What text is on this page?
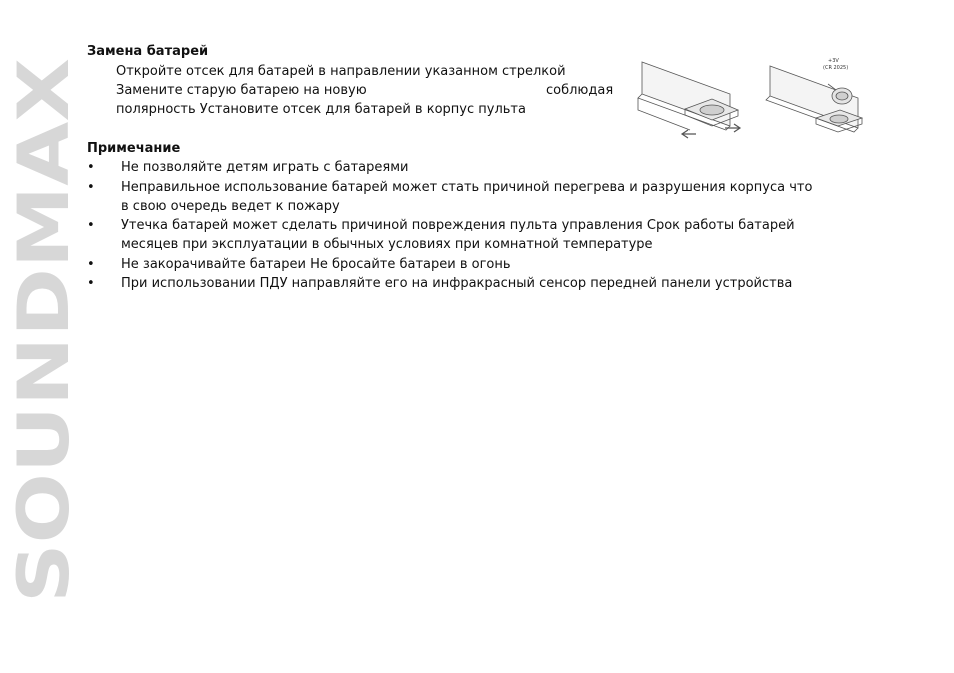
SOUNDMAX
Замена батарей
Откройте отсек для батарей в направлении указанном стрелкой
Замените старую батарею на новую	соблюдая
полярность Установите отсек для батарей в корпус пульта
+3V
(CR 2025)
Примечание
• Не позволяйте детям играть с батареями
• Неправильное использование батарей может стать причиной перегрева и разрушения корпуса что
в свою очередь ведет к пожару
• Утечка батарей может сделать причиной повреждения пульта управления Срок работы батарей
месяцев при эксплуатации в обычных условиях при комнатной температуре
• Не закорачивайте батареи Не бросайте батареи в огонь
• При использовании ПДУ направляйте его на инфракрасный сенсор передней панели устройства
